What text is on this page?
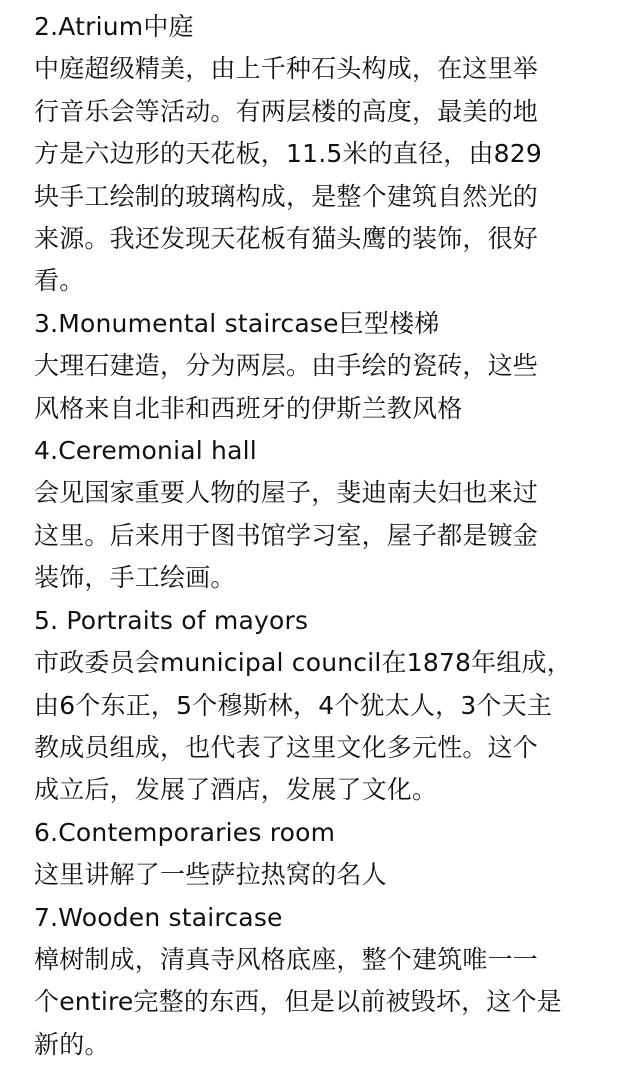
2.Atrium中庭

中庭超级精美，由上千种石头构成，在这里举
行音乐会等活动。有两层楼的高度，最美的地
方是六边形的天花板，11.5米的直径，由829
块手工绘制的玻璃构成，是整个建筑自然光的
来源。我还发现天花板有猫头鹰的装饰，很好
看。

3.Monumental staircase巨型楼梯

大理石建造，分为两层。由手绘的瓷砖，这些
风格来自北非和西班牙的伊斯兰教风格

4.Ceremonial hall

会见国家重要人物的屋子，斐迪南夫妇也来过
这里。后来用于图书馆学习室，屋子都是镀金
装饰，手工绘画。

5. Portraits of mayors

市政委员会municipal council在1878年组成，
由6个东正，5个穆斯林，4个犹太人，3个天主
教成员组成，也代表了这里文化多元性。这个
成立后，发展了酒店，发展了文化。

6.Contemporaries room

这里讲解了一些萨拉热窝的名人

7.Wooden staircase

樟树制成，清真寺风格底座，整个建筑唯一一
个entire完整的东西，但是以前被毁坏，这个是
新的。
